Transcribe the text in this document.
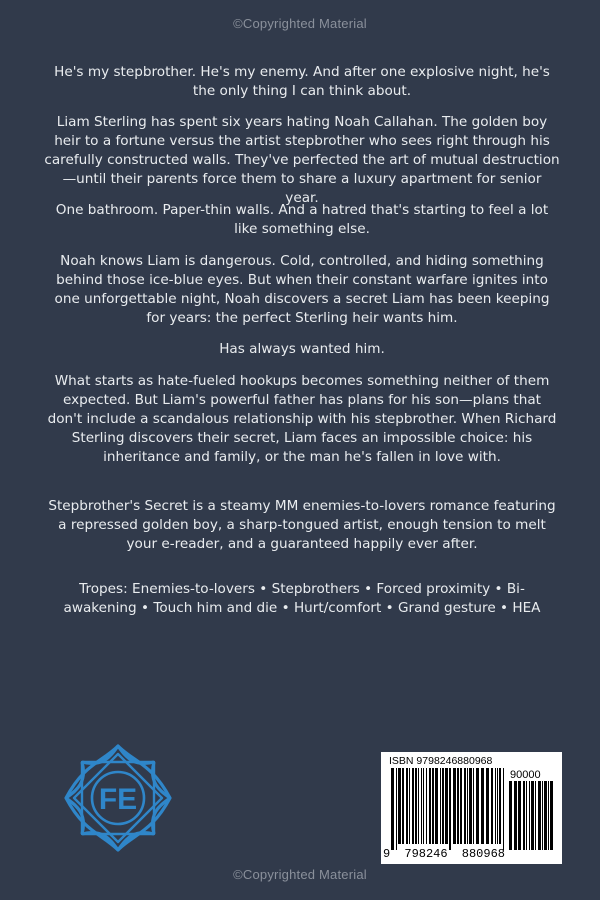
©Copyrighted Material

He's my stepbrother. He's my enemy. And after one explosive night, he's the only thing I can think about.

Liam Sterling has spent six years hating Noah Callahan. The golden boy heir to a fortune versus the artist stepbrother who sees right through his carefully constructed walls. They've perfected the art of mutual destruction—until their parents force them to share a luxury apartment for senior year.

One bathroom. Paper-thin walls. And a hatred that's starting to feel a lot like something else.

Noah knows Liam is dangerous. Cold, controlled, and hiding something behind those ice-blue eyes. But when their constant warfare ignites into one unforgettable night, Noah discovers a secret Liam has been keeping for years: the perfect Sterling heir wants him.

Has always wanted him.

What starts as hate-fueled hookups becomes something neither of them expected. But Liam's powerful father has plans for his son—plans that don't include a scandalous relationship with his stepbrother. When Richard Sterling discovers their secret, Liam faces an impossible choice: his inheritance and family, or the man he's fallen in love with.

Stepbrother's Secret is a steamy MM enemies-to-lovers romance featuring a repressed golden boy, a sharp-tongued artist, enough tension to melt your e-reader, and a guaranteed happily ever after.

Tropes: Enemies-to-lovers • Stepbrothers • Forced proximity • Bi-awakening • Touch him and die • Hurt/comfort • Grand gesture • HEA

FE
ISBN 9798246880968
90000
9 798246 880968
©Copyrighted Material
